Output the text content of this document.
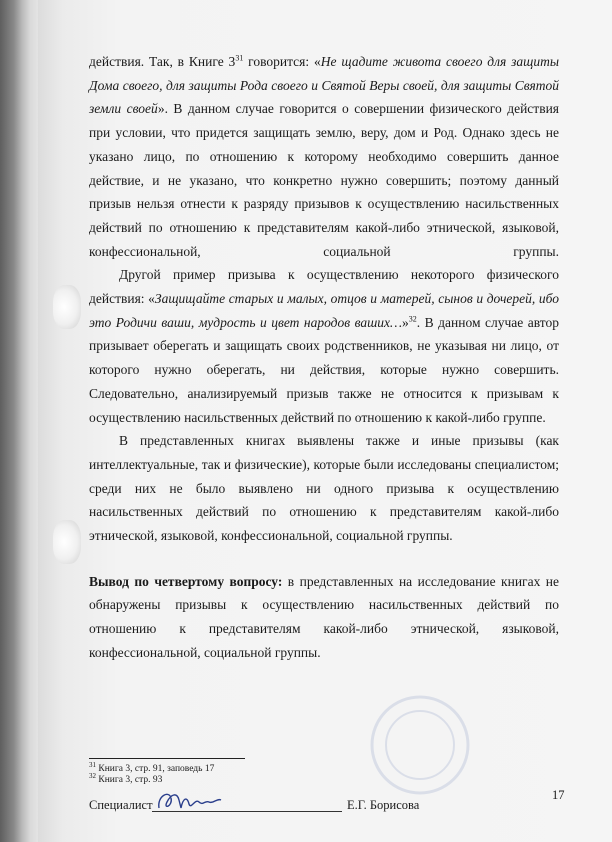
действия. Так, в Книге $3^{31}$ говорится: «Не щадите живота своего для защиты Дома своего, для защиты Рода своего и Святой Веры своей, для защиты Святой земли своей». В данном случае говорится о совершении физического действия при условии, что придется защищать землю, веру, дом и Род. Однако здесь не указано лицо, по отношению к которому необходимо совершить данное действие, и не указано, что конкретно нужно совершить; поэтому данный призыв нельзя отнести к разряду призывов к осуществлению насильственных действий по отношению к представителям какой-либо этнической, языковой, конфессиональной, социальной группы.

Другой пример призыва к осуществлению некоторого физического действия: «Защищайте старых и малых, отцов и матерей, сынов и дочерей, ибо это Родичи ваши, мудрость и цвет народов ваших…»$^{32}$. В данном случае автор призывает оберегать и защищать своих родственников, не указывая ни лицо, от которого нужно оберегать, ни действия, которые нужно совершить. Следовательно, анализируемый призыв также не относится к призывам к осуществлению насильственных действий по отношению к какой-либо группе.

В представленных книгах выявлены также и иные призывы (как интеллектуальные, так и физические), которые были исследованы специалистом; среди них не было выявлено ни одного призыва к осуществлению насильственных действий по отношению к представителям какой-либо этнической, языковой, конфессиональной, социальной группы.

Вывод по четвертому вопросу: в представленных на исследование книгах не обнаружены призывы к осуществлению насильственных действий по отношению к представителям какой-либо этнической, языковой, конфессиональной, социальной группы.

$^{31}$ Книга 3, стр. 91, заповедь 17
$^{32}$ Книга 3, стр. 93
Специалист	Е.Г. Борисова
17
